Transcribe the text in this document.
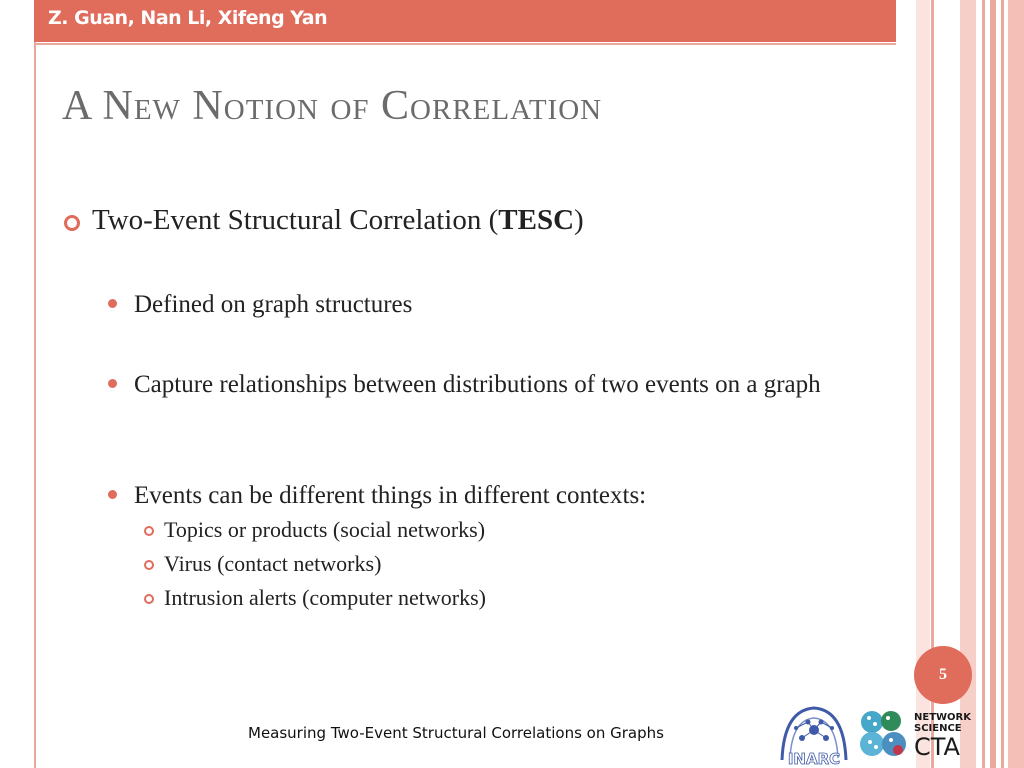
Z. Guan, Nan Li, Xifeng Yan
A New Notion of Correlation
Two-Event Structural Correlation (TESC)
Defined on graph structures
Capture relationships between distributions of two events on a graph
Events can be different things in different contexts:
Topics or products (social networks)
Virus (contact networks)
Intrusion alerts (computer networks)
5
Measuring Two-Event Structural Correlations on Graphs
INARC
NETWORK
SCIENCE
CTA
